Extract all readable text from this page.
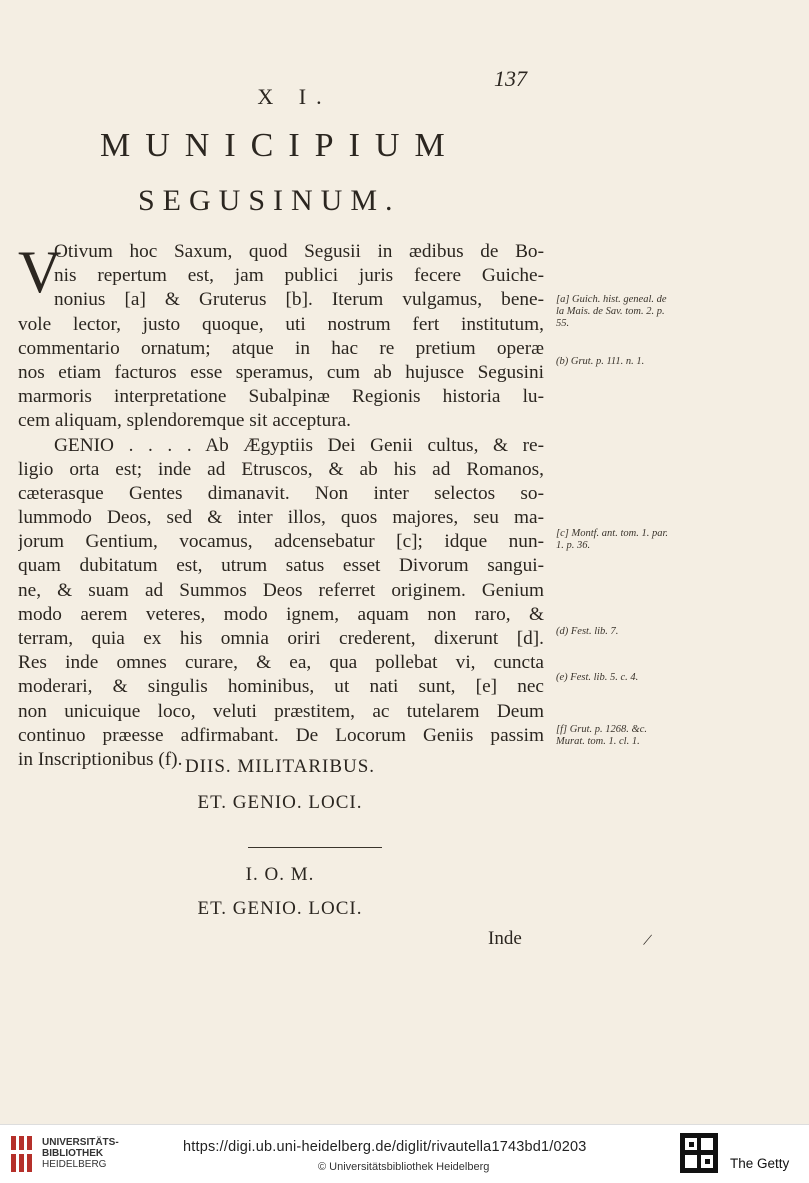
137
X I.
MUNICIPIUM
SEGUSINUM.
V
Otivum hoc Saxum, quod Segusii in ædibus de Bo-
nis repertum est, jam publici juris fecere Guiche-
nonius [a] & Gruterus [b]. Iterum vulgamus, bene-
vole lector, justo quoque, uti nostrum fert institutum,
commentario ornatum; atque in hac re pretium operæ
nos etiam facturos esse speramus, cum ab hujusce Segusini
marmoris interpretatione Subalpinæ Regionis historia lu-
cem aliquam, splendoremque sit acceptura.
GENIO . . . . Ab Ægyptiis Dei Genii cultus, & re-
ligio orta est; inde ad Etruscos, & ab his ad Romanos,
cæterasque Gentes dimanavit. Non inter selectos so-
lummodo Deos, sed & inter illos, quos majores, seu ma-
jorum Gentium, vocamus, adcensebatur [c]; idque nun-
quam dubitatum est, utrum satus esset Divorum sangui-
ne, & suam ad Summos Deos referret originem. Genium
modo aerem veteres, modo ignem, aquam non raro, &
terram, quia ex his omnia oriri crederent, dixerunt [d].
Res inde omnes curare, & ea, qua pollebat vi, cuncta
moderari, & singulis hominibus, ut nati sunt, [e] nec
non unicuique loco, veluti præstitem, ac tutelarem Deum
continuo præesse adfirmabant. De Locorum Geniis passim
in Inscriptionibus (f).
[a] Guich. hist. geneal. de la Mais. de Sav. tom. 2. p. 55.
(b) Grut. p. 111. n. 1.
[c] Montf. ant. tom. 1. par. 1. p. 36.
(d) Fest. lib. 7.
(e) Fest. lib. 5. c. 4.
[f] Grut. p. 1268. &c. Murat. tom. 1. cl. 1.
DIIS. MILITARIBUS.
ET. GENIO. LOCI.
I. O. M.
ET. GENIO. LOCI.
Inde	|
UNIVERSITÄTS-
BIBLIOTHEK
HEIDELBERG
https://digi.ub.uni-heidelberg.de/diglit/rivautella1743bd1/0203
© Universitätsbibliothek Heidelberg	The Getty
